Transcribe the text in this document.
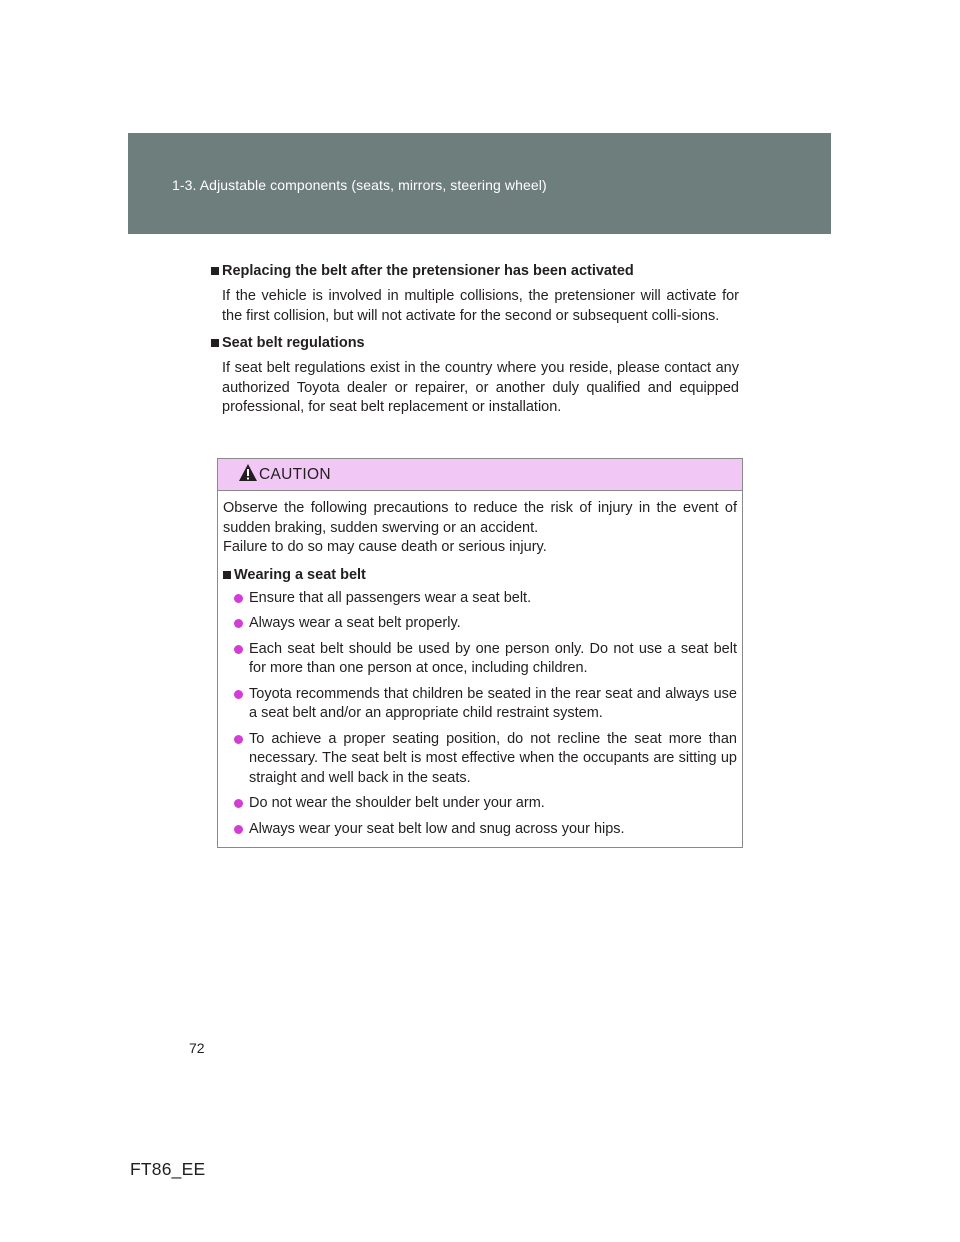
1-3. Adjustable components (seats, mirrors, steering wheel)
Replacing the belt after the pretensioner has been activated
If the vehicle is involved in multiple collisions, the pretensioner will activate for the first collision, but will not activate for the second or subsequent colli-sions.
Seat belt regulations
If seat belt regulations exist in the country where you reside, please contact any authorized Toyota dealer or repairer, or another duly qualified and equipped professional, for seat belt replacement or installation.
CAUTION
Observe the following precautions to reduce the risk of injury in the event of sudden braking, sudden swerving or an accident.
Failure to do so may cause death or serious injury.
Wearing a seat belt
Ensure that all passengers wear a seat belt.
Always wear a seat belt properly.
Each seat belt should be used by one person only. Do not use a seat belt for more than one person at once, including children.
Toyota recommends that children be seated in the rear seat and always use a seat belt and/or an appropriate child restraint system.
To achieve a proper seating position, do not recline the seat more than necessary. The seat belt is most effective when the occupants are sitting up straight and well back in the seats.
Do not wear the shoulder belt under your arm.
Always wear your seat belt low and snug across your hips.
72
FT86_EE
